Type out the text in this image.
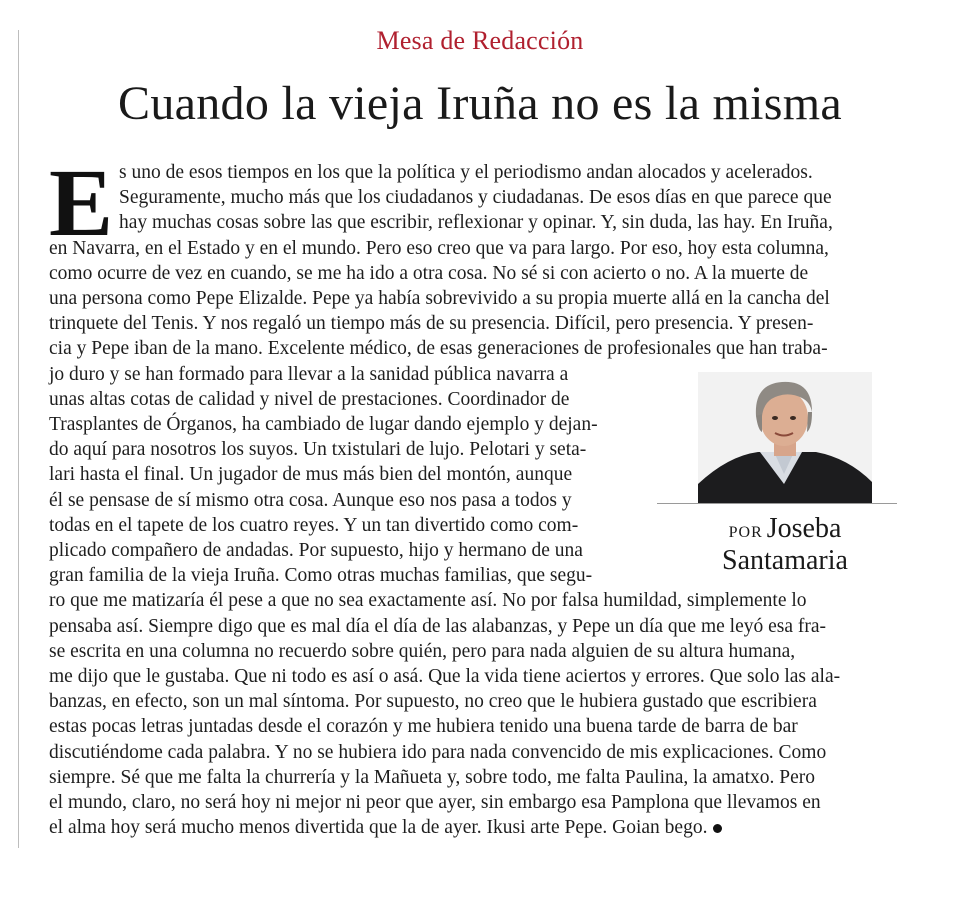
Mesa de Redacción
Cuando la vieja Iruña no es la misma
E s uno de esos tiempos en los que la política y el periodismo andan alocados y acelerados.
Seguramente, mucho más que los ciudadanos y ciudadanas. De esos días en que parece que
hay muchas cosas sobre las que escribir, reflexionar y opinar. Y, sin duda, las hay. En Iruña,
en Navarra, en el Estado y en el mundo. Pero eso creo que va para largo. Por eso, hoy esta columna,
como ocurre de vez en cuando, se me ha ido a otra cosa. No sé si con acierto o no. A la muerte de
una persona como Pepe Elizalde. Pepe ya había sobrevivido a su propia muerte allá en la cancha del
trinquete del Tenis. Y nos regaló un tiempo más de su presencia. Difícil, pero presencia. Y presen-
cia y Pepe iban de la mano. Excelente médico, de esas generaciones de profesionales que han traba-
jo duro y se han formado para llevar a la sanidad pública navarra a
unas altas cotas de calidad y nivel de prestaciones. Coordinador de
Trasplantes de Órganos, ha cambiado de lugar dando ejemplo y dejan-
do aquí para nosotros los suyos. Un txistulari de lujo. Pelotari y seta-
lari hasta el final. Un jugador de mus más bien del montón, aunque
él se pensase de sí mismo otra cosa. Aunque eso nos pasa a todos y
todas en el tapete de los cuatro reyes. Y un tan divertido como com-
plicado compañero de andadas. Por supuesto, hijo y hermano de una
gran familia de la vieja Iruña. Como otras muchas familias, que segu-
ro que me matizaría él pese a que no sea exactamente así. No por falsa humildad, simplemente lo
pensaba así. Siempre digo que es mal día el día de las alabanzas, y Pepe un día que me leyó esa fra-
se escrita en una columna no recuerdo sobre quién, pero para nada alguien de su altura humana,
me dijo que le gustaba. Que ni todo es así o asá. Que la vida tiene aciertos y errores. Que solo las ala-
banzas, en efecto, son un mal síntoma. Por supuesto, no creo que le hubiera gustado que escribiera
estas pocas letras juntadas desde el corazón y me hubiera tenido una buena tarde de barra de bar
discutiéndome cada palabra. Y no se hubiera ido para nada convencido de mis explicaciones. Como
siempre. Sé que me falta la churrería y la Mañueta y, sobre todo, me falta Paulina, la amatxo. Pero
el mundo, claro, no será hoy ni mejor ni peor que ayer, sin embargo esa Pamplona que llevamos en
el alma hoy será mucho menos divertida que la de ayer. Ikusi arte Pepe. Goian bego.
POR Joseba
Santamaria
